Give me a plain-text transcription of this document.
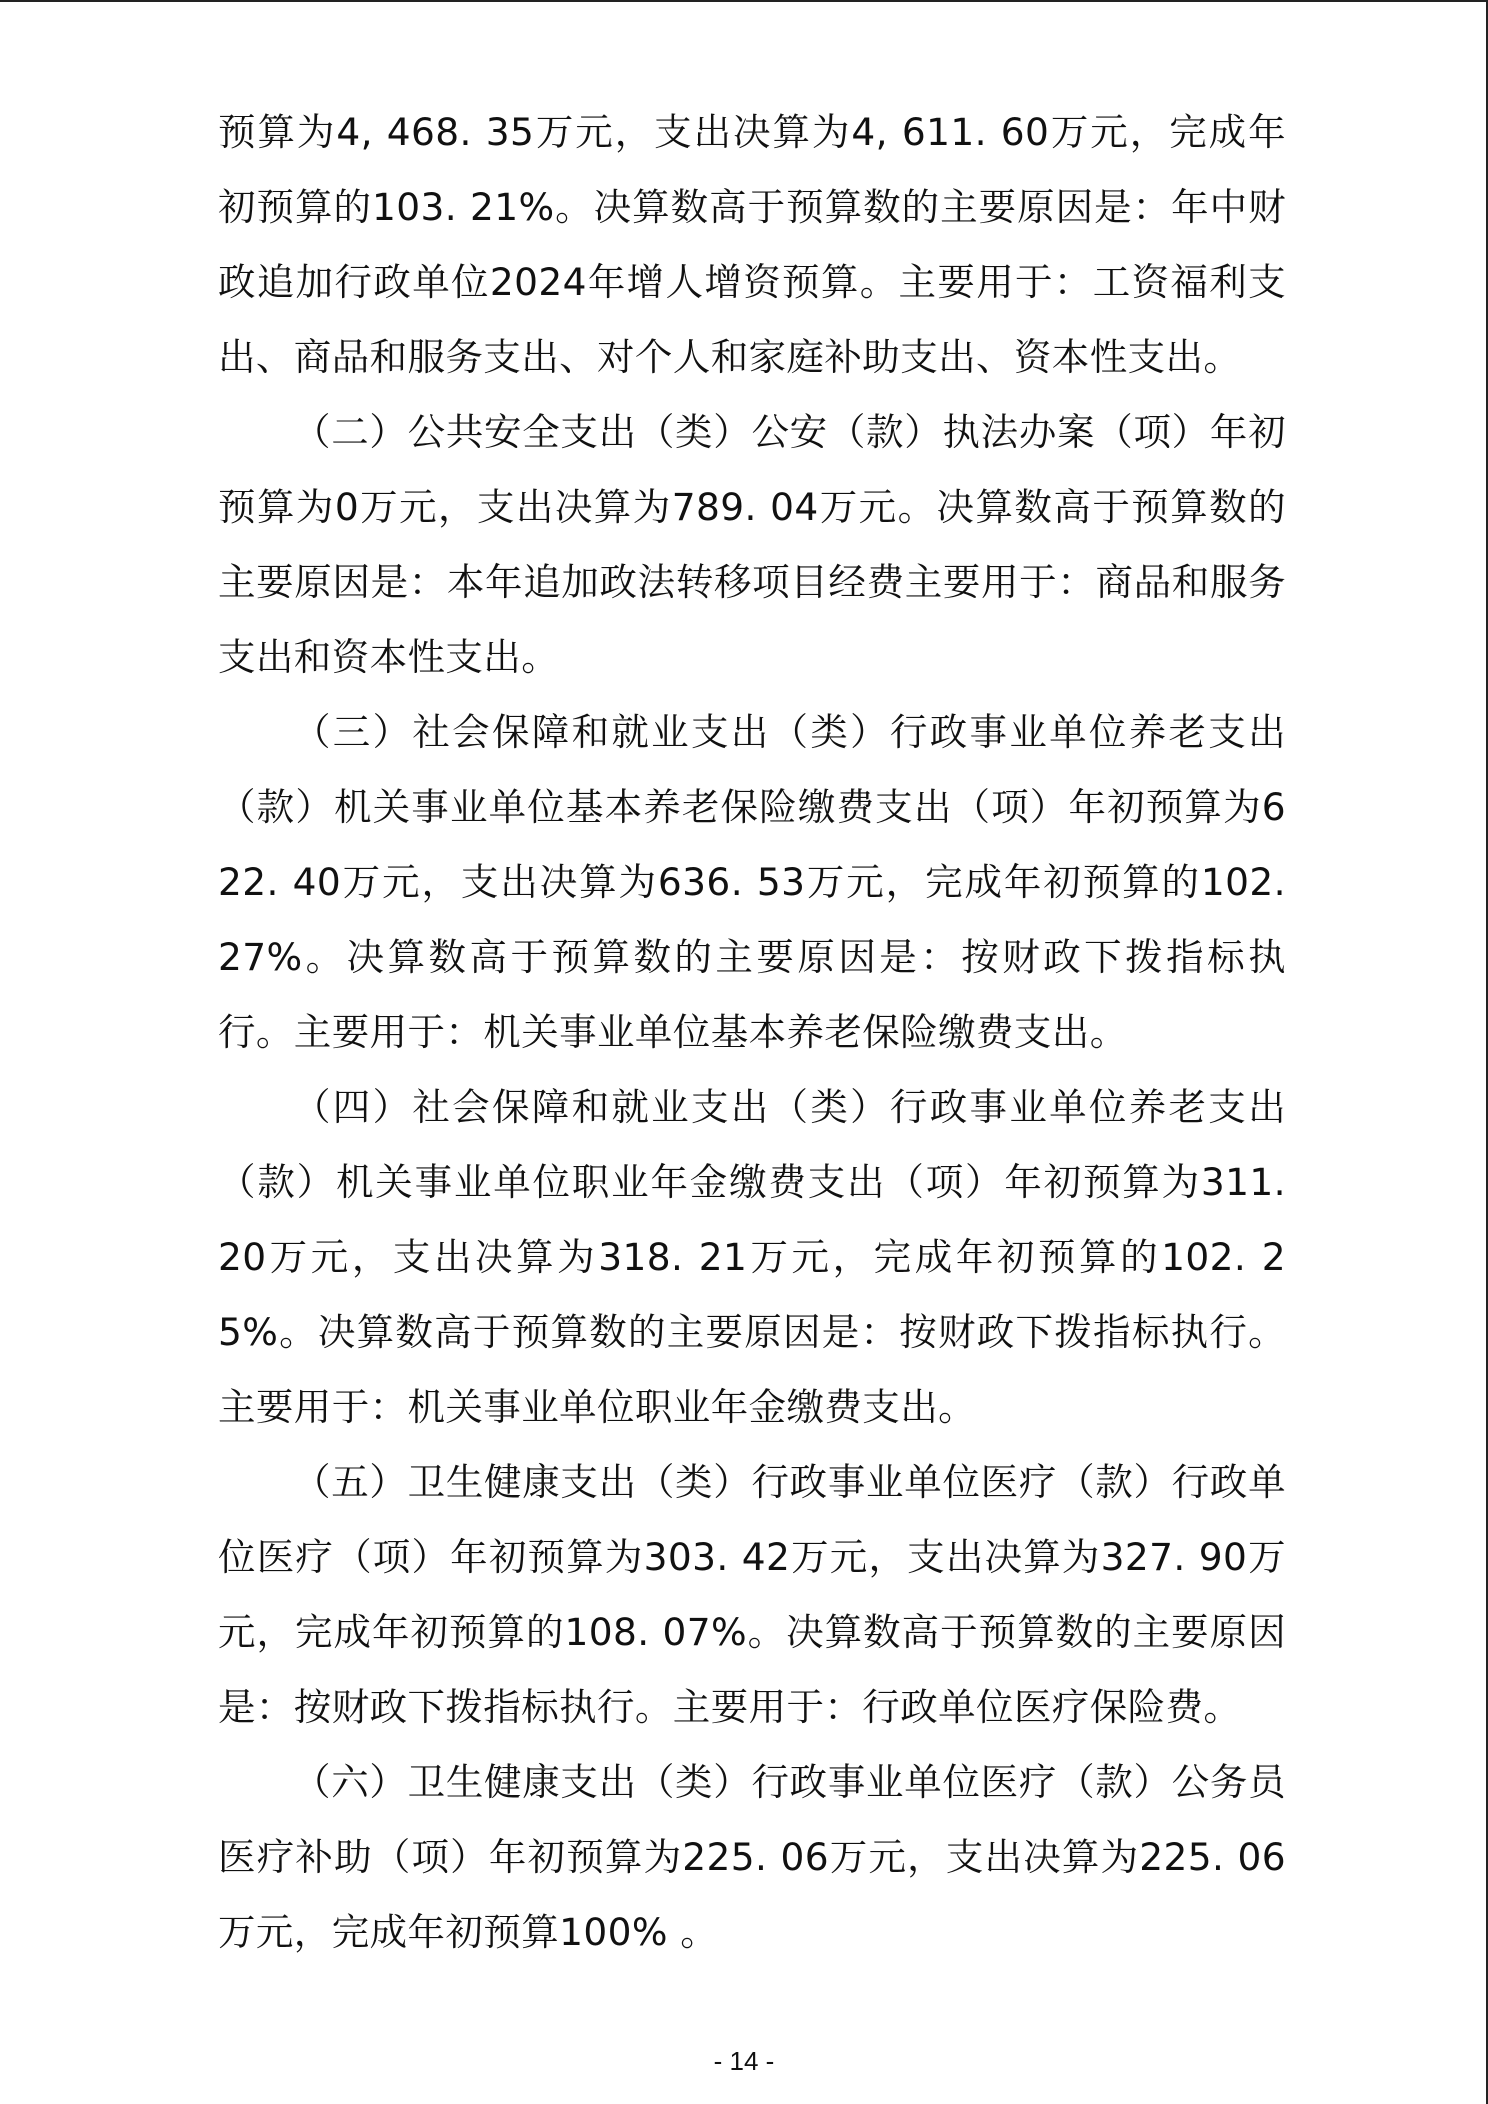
预算为4, 468. 35万元，支出决算为4, 611. 60万元，完成年初预算的103. 21%。决算数高于预算数的主要原因是：年中财政追加行政单位2024年增人增资预算。主要用于：工资福利支出、商品和服务支出、对个人和家庭补助支出、资本性支出。

（二）公共安全支出（类）公安（款）执法办案（项）年初预算为0万元，支出决算为789. 04万元。决算数高于预算数的主要原因是：本年追加政法转移项目经费主要用于：商品和服务支出和资本性支出。

（三）社会保障和就业支出（类）行政事业单位养老支出（款）机关事业单位基本养老保险缴费支出（项）年初预算为622. 40万元，支出决算为636. 53万元，完成年初预算的102. 27%。决算数高于预算数的主要原因是：按财政下拨指标执行。主要用于：机关事业单位基本养老保险缴费支出。

（四）社会保障和就业支出（类）行政事业单位养老支出（款）机关事业单位职业年金缴费支出（项）年初预算为311. 20万元，支出决算为318. 21万元，完成年初预算的102. 25%。决算数高于预算数的主要原因是：按财政下拨指标执行。主要用于：机关事业单位职业年金缴费支出。

（五）卫生健康支出（类）行政事业单位医疗（款）行政单位医疗（项）年初预算为303. 42万元，支出决算为327. 90万元，完成年初预算的108. 07%。决算数高于预算数的主要原因是：按财政下拨指标执行。主要用于：行政单位医疗保险费。

（六）卫生健康支出（类）行政事业单位医疗（款）公务员医疗补助（项）年初预算为225. 06万元，支出决算为225. 06万元，完成年初预算100% 。

- 14 -
